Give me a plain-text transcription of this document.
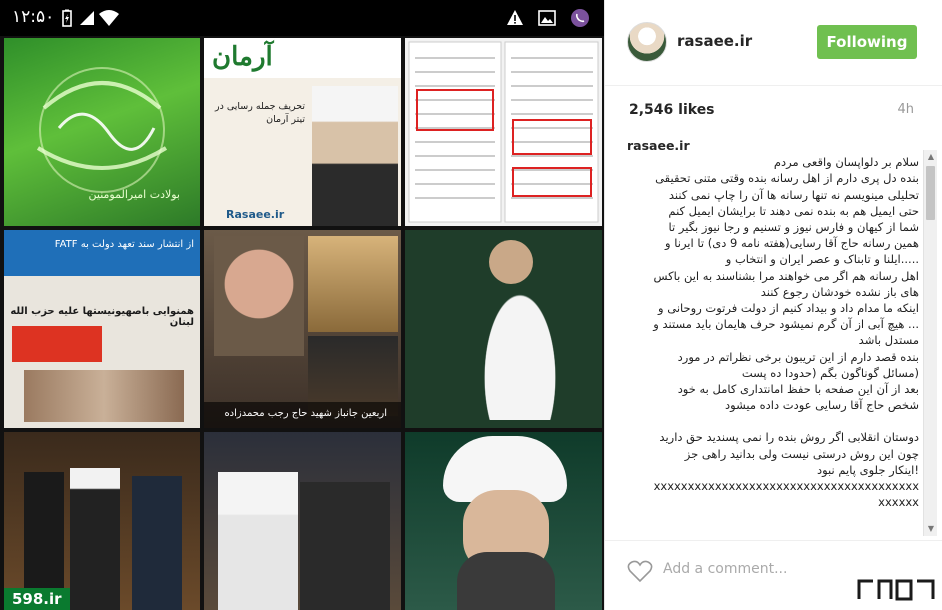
۱۲:۵۰
بولادت امیرالمومنین
آرمان
تحریف جمله رسایی در تیتر آرمان
Rasaee.ir
از انتشار سند تعهد دولت به FATF
همنوایی باصهیونیستها علیه حزب الله لبنان
اربعین جانباز شهید حاج رجب محمدزاده
598.ir
rasaee.ir	Following
2,546 likes	4h
rasaee.ir
سلام بر دلواپسان واقعی مردم
بنده دل پری دارم از اهل رسانه بنده وقتی متنی تحقیقی
تحلیلی مینویسم نه تنها رسانه ها آن را چاپ نمی کنند
حتی ایمیل هم به بنده نمی دهند تا برایشان ایمیل کنم
شما از کیهان و فارس نیوز و تسنیم و رجا نیوز بگیر تا
همین رسانه حاج آقا رسایی(هفته نامه 9 دی) تا ایرنا و
.....ایلنا و تابناک و عصر ایران و انتخاب و
اهل رسانه هم اگر می خواهند مرا بشناسند به این باکس
های باز نشده خودشان رجوع کنند
اینکه ما مدام داد و بیداد کنیم از دولت فرتوت روحانی و
... هیچ آبی از آن گرم نمیشود حرف هایمان باید مستند و
مستدل باشد
بنده قصد دارم از این تریبون برخی نظراتم در مورد
(مسائل گوناگون بگم (حدودا ده پست
بعد از آن این صفحه با حفظ امانتداری کامل به خود
شخص حاج آقا رسایی عودت داده میشود
دوستان انقلابی اگر روش بنده را نمی پسندید حق دارید
چون این روش درستی نیست ولی بدانید راهی جز
!اینکار جلوی پایم نبود
xxxxxxxxxxxxxxxxxxxxxxxxxxxxxxxxxxxxxxx
xxxxxx
▲
▼
Add a comment...
